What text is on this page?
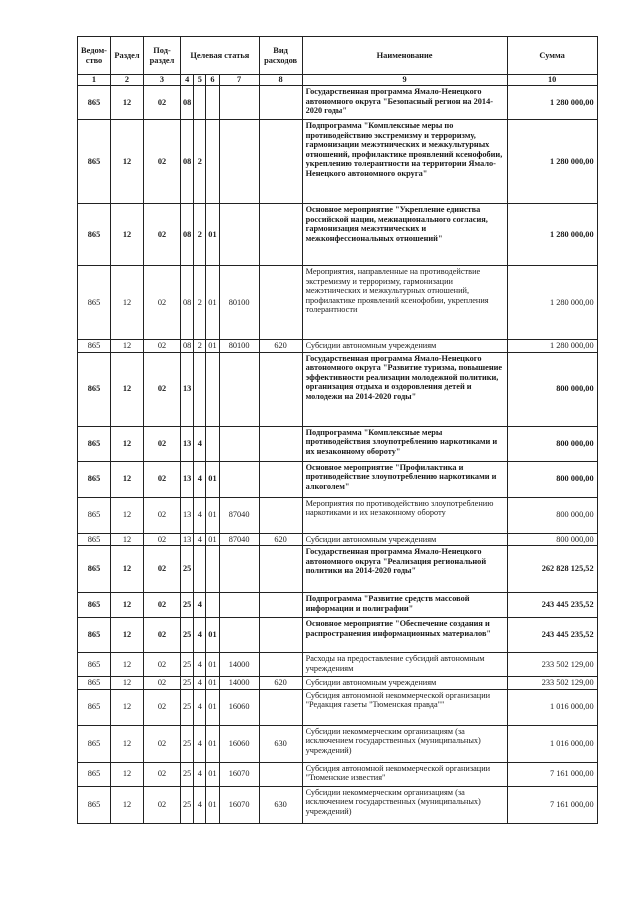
Ведом-ство	Раздел	Под-раздел	Целевая статья				Вид расходов	Наименование	Сумма
1	2	3	4	5	6	7	8	9	10
865	12	02	08					Государственная программа Ямало-Ненецкого автономного округа "Безопасный регион на 2014-2020 годы"	1 280 000,00
865	12	02	08	2				Подпрограмма "Комплексные меры по противодействию экстремизму и терроризму, гармонизации межэтнических и межкультурных отношений, профилактике проявлений ксенофобии, укреплению толерантности на территории Ямало-Ненецкого автономного округа"	1 280 000,00
865	12	02	08	2	01			Основное мероприятие "Укрепление единства российской нации, межнационального согласия, гармонизация межэтнических и межконфессиональных отношений"	1 280 000,00
865	12	02	08	2	01	80100		Мероприятия, направленные на противодействие экстремизму и терроризму, гармонизации межэтнических и межкультурных отношений, профилактике проявлений ксенофобии, укрепления толерантности	1 280 000,00
865	12	02	08	2	01	80100	620	Субсидии автономным учреждениям	1 280 000,00
865	12	02	13					Государственная программа Ямало-Ненецкого автономного округа "Развитие туризма, повышение эффективности реализации молодежной политики, организация отдыха и оздоровления детей и молодежи на 2014-2020 годы"	800 000,00
865	12	02	13	4				Подпрограмма "Комплексные меры противодействия злоупотреблению наркотиками и их незаконному обороту"	800 000,00
865	12	02	13	4	01			Основное мероприятие "Профилактика и противодействие злоупотреблению наркотиками и алкоголем"	800 000,00
865	12	02	13	4	01	87040		Мероприятия по противодействию злоупотреблению наркотиками и их незаконному обороту	800 000,00
865	12	02	13	4	01	87040	620	Субсидии автономным учреждениям	800 000,00
865	12	02	25					Государственная программа Ямало-Ненецкого автономного округа "Реализация региональной политики на 2014-2020 годы"	262 828 125,52
865	12	02	25	4				Подпрограмма "Развитие средств массовой информации и полиграфии"	243 445 235,52
865	12	02	25	4	01			Основное мероприятие "Обеспечение создания и распространения информационных материалов"	243 445 235,52
865	12	02	25	4	01	14000		Расходы на предоставление субсидий автономным учреждениям	233 502 129,00
865	12	02	25	4	01	14000	620	Субсидии автономным учреждениям	233 502 129,00
865	12	02	25	4	01	16060		Субсидия автономной некоммерческой организации "Редакция газеты "Тюменская правда""	1 016 000,00
865	12	02	25	4	01	16060	630	Субсидии некоммерческим организациям (за исключением государственных (муниципальных) учреждений)	1 016 000,00
865	12	02	25	4	01	16070		Субсидия автономной некоммерческой организации "Тюменские известия"	7 161 000,00
865	12	02	25	4	01	16070	630	Субсидии некоммерческим организациям (за исключением государственных (муниципальных) учреждений)	7 161 000,00
